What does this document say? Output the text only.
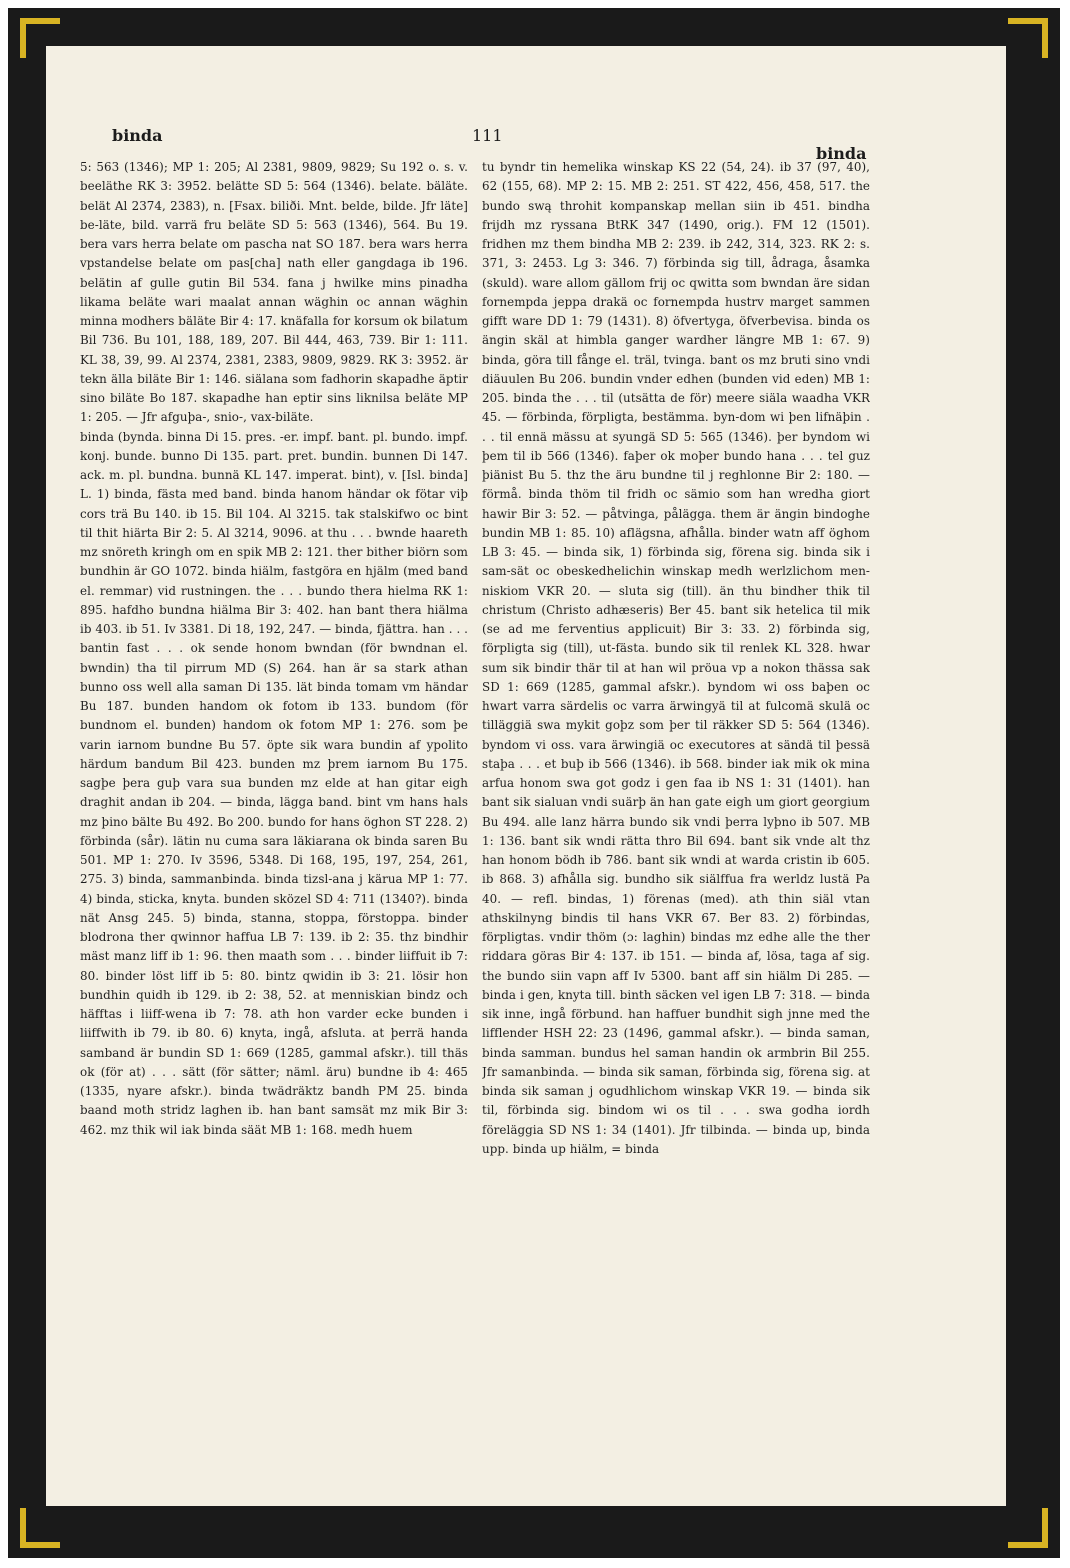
binda	111
binda

5: 563 (1346); MP 1: 205; Al 2381, 9809, 9829; Su 192 o. s. v. beeläthe RK 3: 3952. belätte SD 5: 564 (1346). belate. bäläte. belät Al 2374, 2383), n. [Fsax. biliði. Mnt. belde, bilde. Jfr läte] be-läte, bild. varrä fru beläte SD 5: 563 (1346), 564. Bu 19. bera vars herra belate om pascha nat SO 187. bera wars herra vpstandelse belate om pas[cha] nath eller gangdaga ib 196. belätin af gulle gutin Bil 534. fana j hwilke mins pinadha likama beläte wari maalat annan wäghin oc annan wäghin minna modhers bäläte Bir 4: 17. knäfalla for korsum ok bilatum Bil 736. Bu 101, 188, 189, 207. Bil 444, 463, 739. Bir 1: 111. KL 38, 39, 99. Al 2374, 2381, 2383, 9809, 9829. RK 3: 3952. är tekn älla biläte Bir 1: 146. siälana som fadhorin skapadhe äptir sino biläte Bo 187. skapadhe han eptir sins liknilsa beläte MP 1: 205. — Jfr afguþa-, snio-, vax-biläte.
binda (bynda. binna Di 15. pres. -er. impf. bant. pl. bundo. impf. konj. bunde. bunno Di 135. part. pret. bundin. bunnen Di 147. ack. m. pl. bundna. bunnä KL 147. imperat. bint), v. [Isl. binda] L. 1) binda, fästa med band. binda hanom händar ok fötar viþ cors trä Bu 140. ib 15. Bil 104. Al 3215. tak stalskifwo oc bint til thit hiärta Bir 2: 5. Al 3214, 9096. at thu . . . bwnde haareth mz snöreth kringh om en spik MB 2: 121. ther bither biörn som bundhin är GO 1072. binda hiälm, fastgöra en hjälm (med band el. remmar) vid rustningen. the . . . bundo thera hielma RK 1: 895. hafdho bundna hiälma Bir 3: 402. han bant thera hiälma ib 403. ib 51. Iv 3381. Di 18, 192, 247. — binda, fjättra. han . . . bantin fast . . . ok sende honom bwndan (för bwndnan el. bwndin) tha til pirrum MD (S) 264. han är sa stark athan bunno oss well alla saman Di 135. lät binda tomam vm händar Bu 187. bunden handom ok fotom ib 133. bundom (för bundnom el. bunden) handom ok fotom MP 1: 276. som þe varin iarnom bundne Bu 57. öpte sik wara bundin af ypolito härdum bandum Bil 423. bunden mz þrem iarnom Bu 175. sagþe þera guþ vara sua bunden mz elde at han gitar eigh draghit andan ib 204. — binda, lägga band. bint vm hans hals mz þino bälte Bu 492. Bo 200. bundo for hans öghon ST 228. 2) förbinda (sår). lätin nu cuma sara läkiarana ok binda saren Bu 501. MP 1: 270. Iv 3596, 5348. Di 168, 195, 197, 254, 261, 275. 3) binda, sammanbinda. binda tizsl-ana j kärua MP 1: 77. 4) binda, sticka, knyta. bunden sközel SD 4: 711 (1340?). binda nät Ansg 245. 5) binda, stanna, stoppa, förstoppa. binder blodrona ther qwinnor haffua LB 7: 139. ib 2: 35. thz bindhir mäst manz liff ib 1: 96. then maath som . . . binder liiffuit ib 7: 80. binder löst liff ib 5: 80. bintz qwidin ib 3: 21. lösir hon bundhin quidh ib 129. ib 2: 38, 52. at menniskian bindz och häfftas i liiff-wena ib 7: 78. ath hon varder ecke bunden i liiffwith ib 79. ib 80. 6) knyta, ingå, afsluta. at þerrä handa samband är bundin SD 1: 669 (1285, gammal afskr.). till thäs ok (för at) . . . sätt (för sätter; näml. äru) bundne ib 4: 465 (1335, nyare afskr.). binda twädräktz bandh PM 25. binda baand moth stridz laghen ib. han bant samsät mz mik Bir 3: 462. mz thik wil iak binda säät MB 1: 168. medh huem

tu byndr tin hemelika winskap KS 22 (54, 24). ib 37 (97, 40), 62 (155, 68). MP 2: 15. MB 2: 251. ST 422, 456, 458, 517. the bundo swą throhit kompanskap mellan siin ib 451. bindha frijdh mz ryssana BtRK 347 (1490, orig.). FM 12 (1501). fridhen mz them bindha MB 2: 239. ib 242, 314, 323. RK 2: s. 371, 3: 2453. Lg 3: 346. 7) förbinda sig till, ådraga, åsamka (skuld). ware allom gällom frij oc qwitta som bwndan äre sidan fornempda jeppa drakä oc fornempda hustrv marget sammen gifft ware DD 1: 79 (1431). 8) öfvertyga, öfverbevisa. binda os ängin skäl at himbla ganger wardher längre MB 1: 67. 9) binda, göra till fånge el. träl, tvinga. bant os mz bruti sino vndi diäuulen Bu 206. bundin vnder edhen (bunden vid eden) MB 1: 205. binda the . . . til (utsätta de för) meere siäla waadha VKR 45. — förbinda, förpligta, bestämma. byn-dom wi þen lifnäþin . . . til ennä mässu at syungä SD 5: 565 (1346). þer byndom wi þem til ib 566 (1346). faþer ok moþer bundo hana . . . tel guz þiänist Bu 5. thz the äru bundne til j reghlonne Bir 2: 180. — förmå. binda thöm til fridh oc sämio som han wredha giort hawir Bir 3: 52. — påtvinga, pålägga. them är ängin bindoghe bundin MB 1: 85. 10) aflägsna, afhålla. binder watn aff öghom LB 3: 45. — binda sik, 1) förbinda sig, förena sig. binda sik i sam-sät oc obeskedhelichin winskap medh werlzlichom men-niskiom VKR 20. — sluta sig (till). än thu bindher thik til christum (Christo adhæseris) Ber 45. bant sik hetelica til mik (se ad me ferventius applicuit) Bir 3: 33. 2) förbinda sig, förpligta sig (till), ut-fästa. bundo sik til renlek KL 328. hwar sum sik bindir thär til at han wil pröua vp a nokon thässa sak SD 1: 669 (1285, gammal afskr.). byndom wi oss baþen oc hwart varra särdelis oc varra ärwingyä til at fulcomä skulä oc tilläggiä swa mykit goþz som þer til räkker SD 5: 564 (1346). byndom vi oss. vara ärwingiä oc executores at sändä til þessä staþa . . . et buþ ib 566 (1346). ib 568. binder iak mik ok mina arfua honom swa got godz i gen faa ib NS 1: 31 (1401). han bant sik sialuan vndi suärþ än han gate eigh um giort georgium Bu 494. alle lanz härra bundo sik vndi þerra lyþno ib 507. MB 1: 136. bant sik wndi rätta thro Bil 694. bant sik vnde alt thz han honom bödh ib 786. bant sik wndi at warda cristin ib 605. ib 868. 3) afhålla sig. bundho sik siälffua fra werldz lustä Pa 40. — refl. bindas, 1) förenas (med). ath thin siäl vtan athskilnyng bindis til hans VKR 67. Ber 83. 2) förbindas, förpligtas. vndir thöm (ɔ: laghin) bindas mz edhe alle the ther riddara göras Bir 4: 137. ib 151. — binda af, lösa, taga af sig. the bundo siin vapn aff Iv 5300. bant aff sin hiälm Di 285. — binda i gen, knyta till. binth säcken vel igen LB 7: 318. — binda sik inne, ingå förbund. han haffuer bundhit sigh jnne med the lifflender HSH 22: 23 (1496, gammal afskr.). — binda saman, binda samman. bundus hel saman handin ok armbrin Bil 255. Jfr samanbinda. — binda sik saman, förbinda sig, förena sig. at binda sik saman j ogudhlichom winskap VKR 19. — binda sik til, förbinda sig. bindom wi os til . . . swa godha iordh föreläggia SD NS 1: 34 (1401). Jfr tilbinda. — binda up, binda upp. binda up hiälm, = binda
